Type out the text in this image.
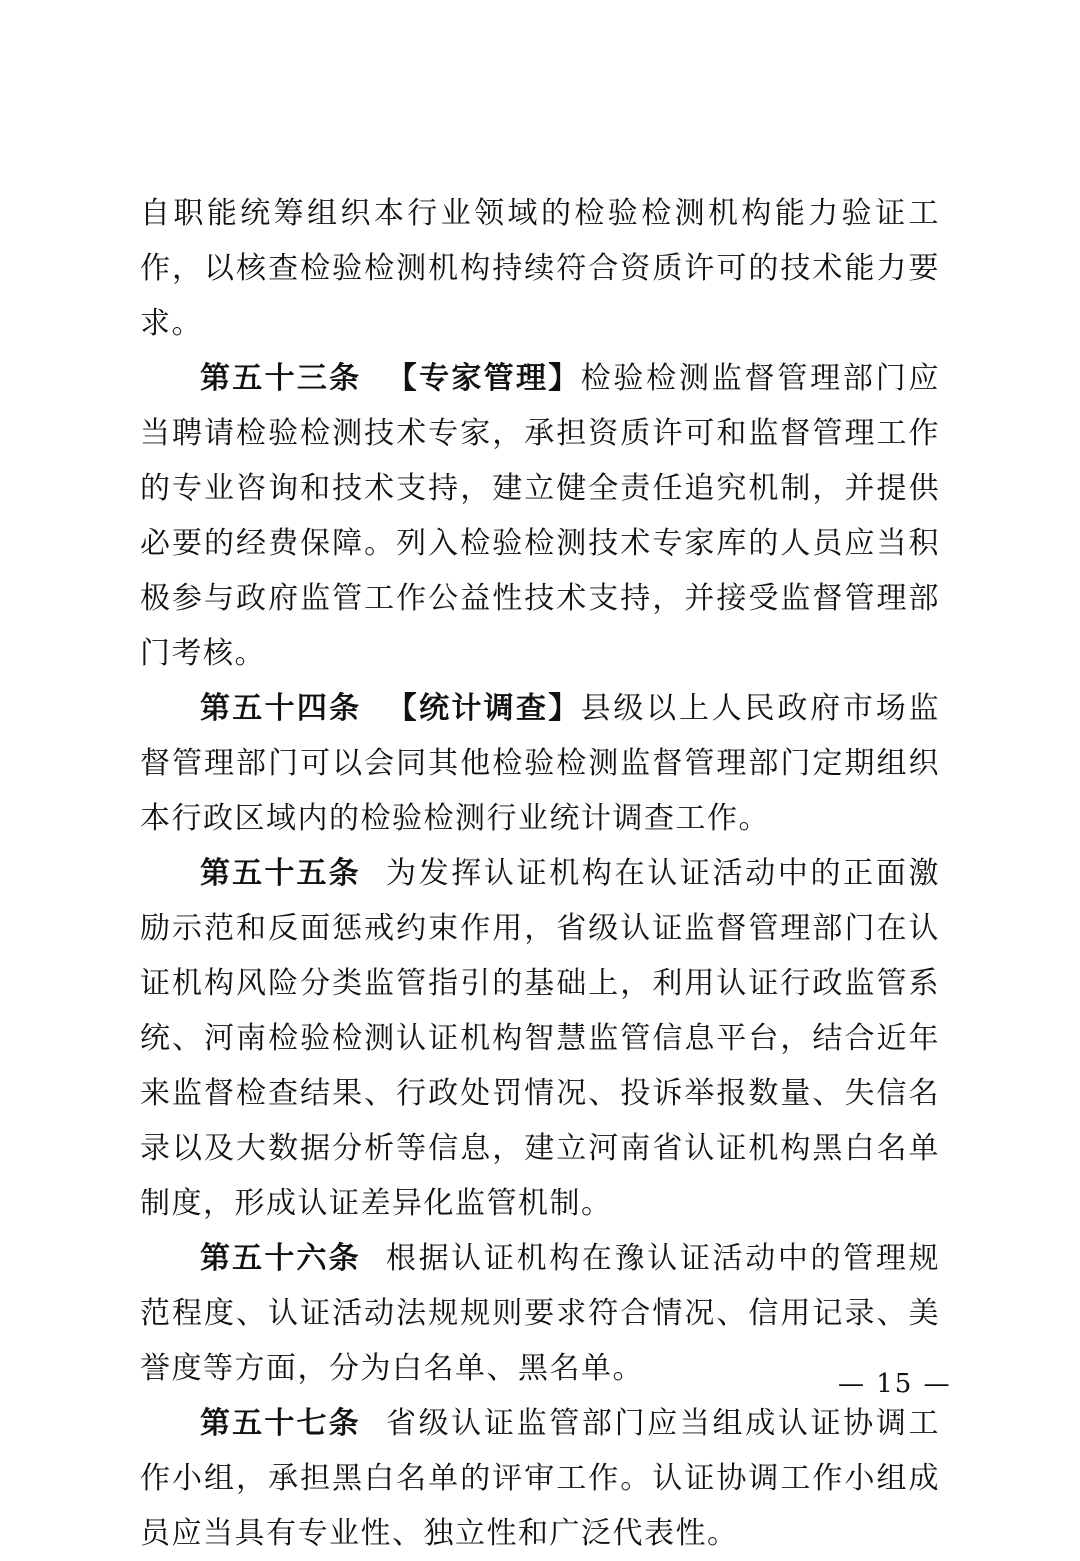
自职能统筹组织本行业领域的检验检测机构能力验证工作，以核查检验检测机构持续符合资质许可的技术能力要求。

第五十三条 【专家管理】检验检测监督管理部门应当聘请检验检测技术专家，承担资质许可和监督管理工作的专业咨询和技术支持，建立健全责任追究机制，并提供必要的经费保障。列入检验检测技术专家库的人员应当积极参与政府监管工作公益性技术支持，并接受监督管理部门考核。

第五十四条 【统计调查】县级以上人民政府市场监督管理部门可以会同其他检验检测监督管理部门定期组织本行政区域内的检验检测行业统计调查工作。

第五十五条 为发挥认证机构在认证活动中的正面激励示范和反面惩戒约束作用，省级认证监督管理部门在认证机构风险分类监管指引的基础上，利用认证行政监管系统、河南检验检测认证机构智慧监管信息平台，结合近年来监督检查结果、行政处罚情况、投诉举报数量、失信名录以及大数据分析等信息，建立河南省认证机构黑白名单制度，形成认证差异化监管机制。

第五十六条 根据认证机构在豫认证活动中的管理规范程度、认证活动法规规则要求符合情况、信用记录、美誉度等方面，分为白名单、黑名单。

第五十七条 省级认证监管部门应当组成认证协调工作小组，承担黑白名单的评审工作。认证协调工作小组成员应当具有专业性、独立性和广泛代表性。

— 15 —
